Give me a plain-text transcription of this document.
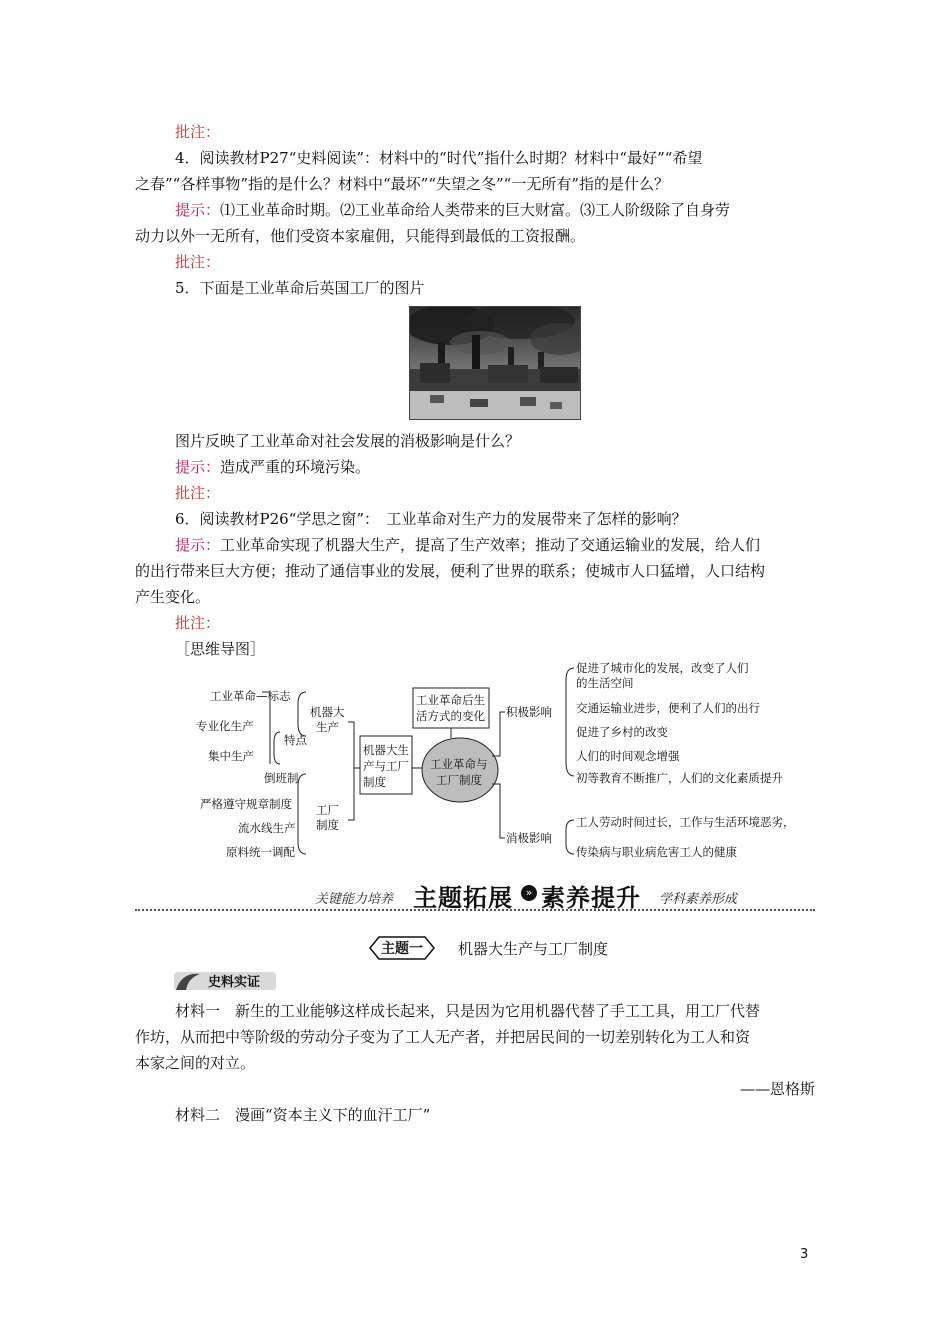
批注：
4．阅读教材P27“史料阅读”：材料中的“时代”指什么时期？材料中“最好”“希望
之春”“各样事物”指的是什么？材料中“最坏”“失望之冬”“一无所有”指的是什么？
提示：⑴工业革命时期。⑵工业革命给人类带来的巨大财富。⑶工人阶级除了自身劳
动力以外一无所有，他们受资本家雇佣，只能得到最低的工资报酬。
批注：
5．下面是工业革命后英国工厂的图片
图片反映了工业革命对社会发展的消极影响是什么？
提示：造成严重的环境污染。
批注：
6．阅读教材P26“学思之窗”：　工业革命对生产力的发展带来了怎样的影响？
提示：工业革命实现了机器大生产，提高了生产效率；推动了交通运输业的发展，给人们
的出行带来巨大方便；推动了通信事业的发展，便利了世界的联系；使城市人口猛增，人口结构
产生变化。
批注：
［思维导图］
工业革命—标志
专业化生产
集中生产
特点
机器大
生产
倒班制
严格遵守规章制度
流水线生产
原料统一调配
工厂
制度
机器大生
产与工厂
制度
工业革命与
工厂制度
工业革命后生
活方式的变化 积极影响
消极影响
促进了城市化的发展，改变了人们
的生活空间
交通运输业进步，便利了人们的出行
促进了乡村的改变
人们的时间观念增强
初等教育不断推广，人们的文化素质提升
工人劳动时间过长，工作与生活环境恶劣，
传染病与职业病危害工人的健康
关键能力培养 主题拓展	» 素养提升 学科素养形成
主题一 机器大生产与工厂制度
史料实证
材料一　新生的工业能够这样成长起来，只是因为它用机器代替了手工工具，用工厂代替
作坊，从而把中等阶级的劳动分子变为了工人无产者，并把居民间的一切差别转化为工人和资
本家之间的对立。
——恩格斯
材料二　漫画“资本主义下的血汗工厂”
3
